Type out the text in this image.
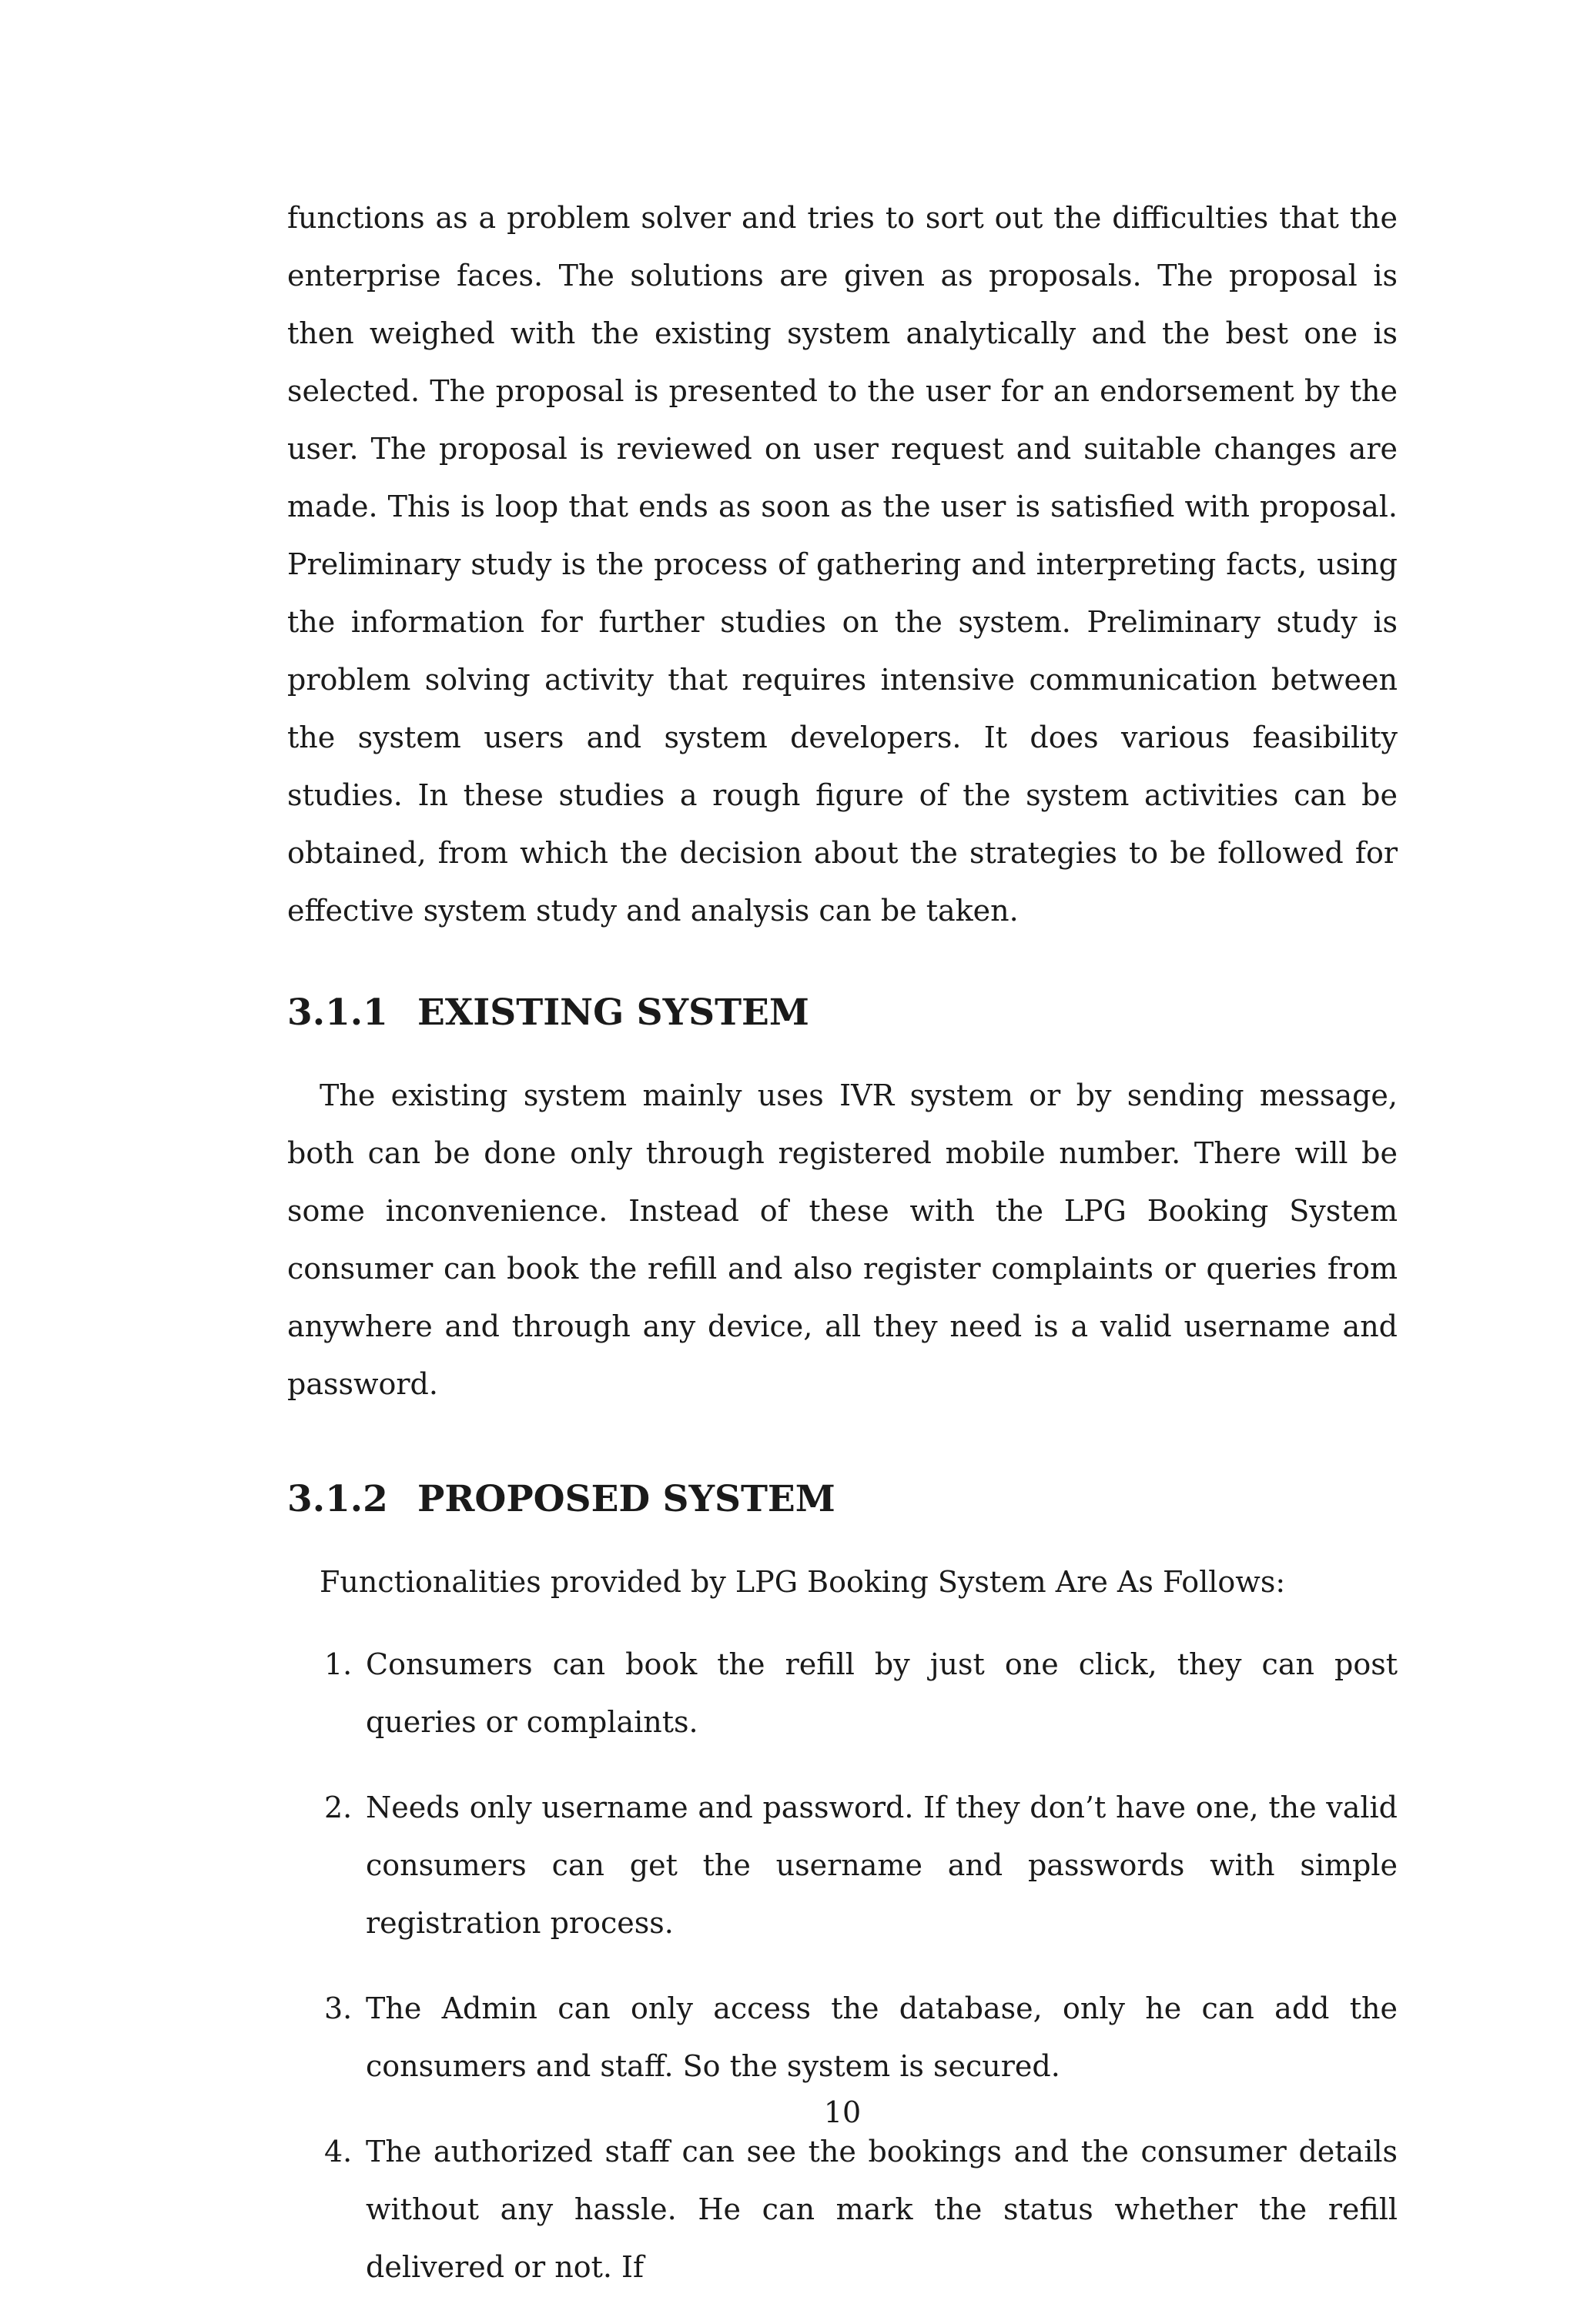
functions as a problem solver and tries to sort out the difficulties that the enterprise faces. The solutions are given as proposals. The proposal is then weighed with the existing system analytically and the best one is selected. The proposal is presented to the user for an endorsement by the user. The proposal is reviewed on user request and suitable changes are made. This is loop that ends as soon as the user is satisfied with proposal. Preliminary study is the process of gathering and interpreting facts, using the information for further studies on the system. Preliminary study is problem solving activity that requires intensive communication between the system users and system developers. It does various feasibility studies. In these studies a rough figure of the system activities can be obtained, from which the decision about the strategies to be followed for effective system study and analysis can be taken.

3.1.1 EXISTING SYSTEM

The existing system mainly uses IVR system or by sending message, both can be done only through registered mobile number. There will be some inconvenience. Instead of these with the LPG Booking System consumer can book the refill and also register complaints or queries from anywhere and through any device, all they need is a valid username and password.

3.1.2 PROPOSED SYSTEM

Functionalities provided by LPG Booking System Are As Follows:

1. Consumers can book the refill by just one click, they can post queries or complaints.
2. Needs only username and password. If they don’t have one, the valid consumers can get the username and passwords with simple registration process.
3. The Admin can only access the database, only he can add the consumers and staff. So the system is secured.
4. The authorized staff can see the bookings and the consumer details without any hassle. He can mark the status whether the refill delivered or not. If
10
